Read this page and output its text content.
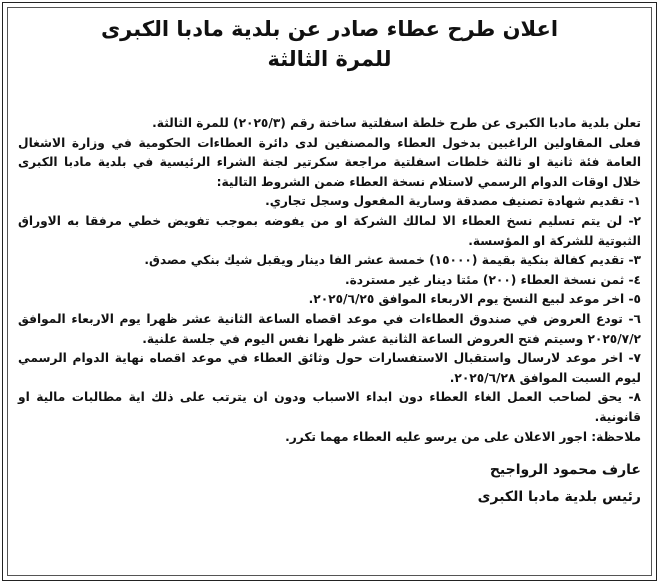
اعلان طرح عطاء صادر عن بلدية مادبا الكبرى
للمرة الثالثة
تعلن بلدية مادبا الكبرى عن طرح خلطة اسفلتية ساخنة رقم (٢٠٢٥/٣) للمرة الثالثة.
فعلى المقاولين الراغبين بدخول العطاء والمصنفين لدى دائرة العطاءات الحكومية في وزارة الاشغال العامة فئة ثانية او ثالثة خلطات اسفلتية مراجعة سكرتير لجنة الشراء الرئيسية في بلدية مادبا الكبرى خلال اوقات الدوام الرسمي لاستلام نسخة العطاء ضمن الشروط التالية:
١- تقديم شهادة تصنيف مصدقة وسارية المفعول وسجل تجاري.
٢- لن يتم تسليم نسخ العطاء الا لمالك الشركة او من يفوضه بموجب تفويض خطي مرفقا به الاوراق الثبوتية للشركة او المؤسسة.
٣- تقديم كفالة بنكية بقيمة (١٥٠٠٠) خمسة عشر الفا دينار ويقبل شيك بنكي مصدق.
٤- ثمن نسخة العطاء (٢٠٠) مئتا دينار غير مستردة.
٥- اخر موعد لبيع النسخ يوم الاربعاء الموافق ٢٠٢٥/٦/٢٥.
٦- تودع العروض في صندوق العطاءات في موعد اقصاه الساعة الثانية عشر ظهرا يوم الاربعاء الموافق ٢٠٢٥/٧/٢ وسيتم فتح العروض الساعة الثانية عشر ظهرا نفس اليوم في جلسة علنية.
٧- اخر موعد لارسال واستقبال الاستفسارات حول وثائق العطاء في موعد اقصاه نهاية الدوام الرسمي ليوم السبت الموافق ٢٠٢٥/٦/٢٨.
٨- يحق لصاحب العمل الغاء العطاء دون ابداء الاسباب ودون ان يترتب على ذلك اية مطالبات مالية او قانونية.
ملاحظة: اجور الاعلان على من يرسو عليه العطاء مهما تكرر.
عارف محمود الرواجيح
رئيس بلدية مادبا الكبرى
